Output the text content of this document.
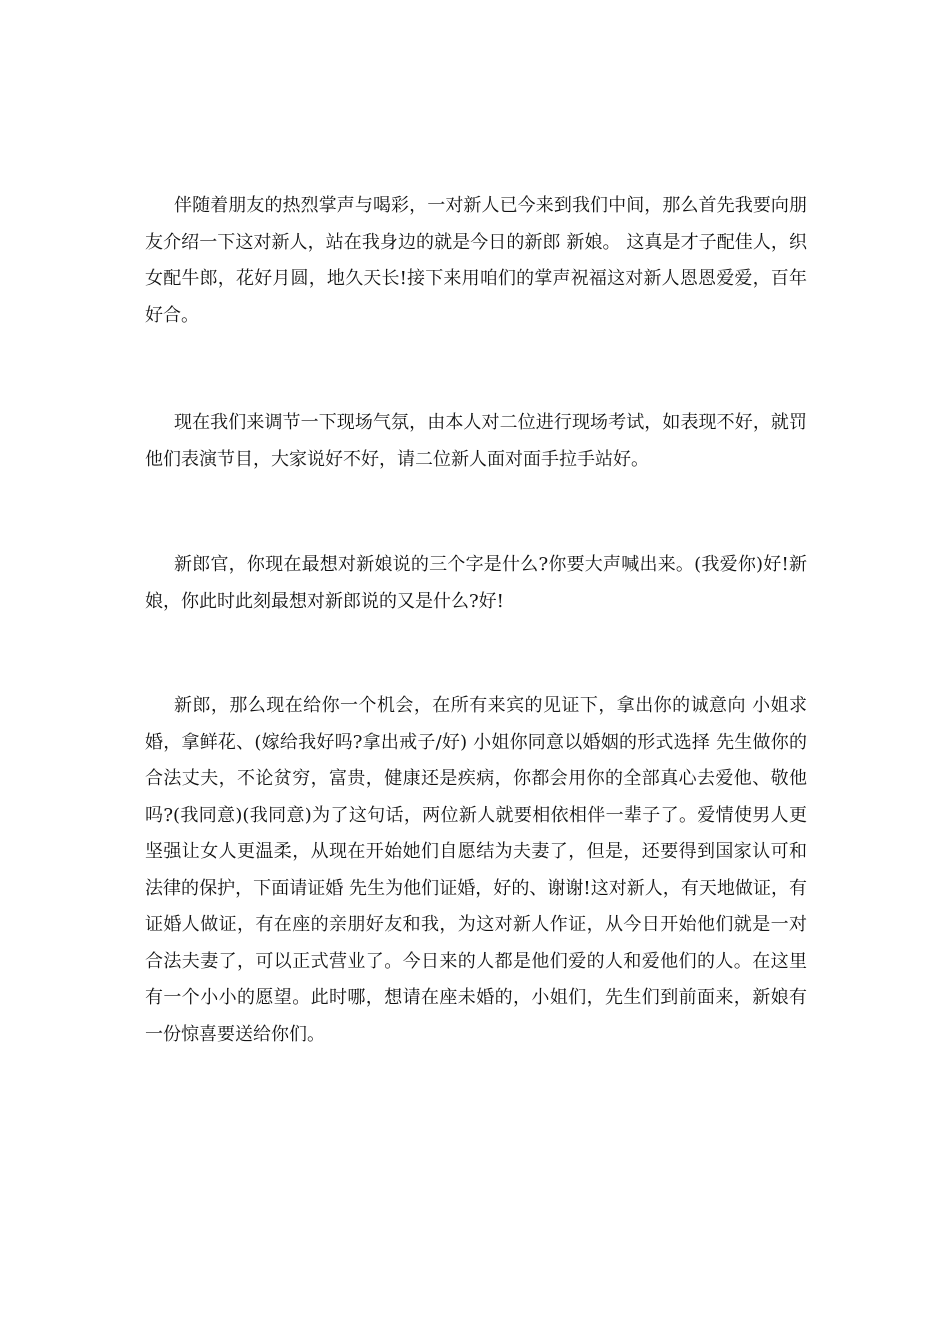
伴随着朋友的热烈掌声与喝彩，一对新人已今来到我们中间，那么首先我要向朋友介绍一下这对新人，站在我身边的就是今日的新郎 新娘。 这真是才子配佳人，织女配牛郎，花好月圆，地久天长!接下来用咱们的掌声祝福这对新人恩恩爱爱，百年好合。

现在我们来调节一下现场气氛，由本人对二位进行现场考试，如表现不好，就罚他们表演节目，大家说好不好，请二位新人面对面手拉手站好。

新郎官，你现在最想对新娘说的三个字是什么?你要大声喊出来。(我爱你)好!新娘，你此时此刻最想对新郎说的又是什么?好!

新郎，那么现在给你一个机会，在所有来宾的见证下，拿出你的诚意向 小姐求婚，拿鲜花、(嫁给我好吗?拿出戒子/好) 小姐你同意以婚姻的形式选择 先生做你的合法丈夫，不论贫穷，富贵，健康还是疾病，你都会用你的全部真心去爱他、敬他吗?(我同意)(我同意)为了这句话，两位新人就要相依相伴一辈子了。爱情使男人更坚强让女人更温柔，从现在开始她们自愿结为夫妻了，但是，还要得到国家认可和法律的保护，下面请证婚 先生为他们证婚，好的、谢谢!这对新人，有天地做证，有证婚人做证，有在座的亲朋好友和我，为这对新人作证，从今日开始他们就是一对合法夫妻了，可以正式营业了。今日来的人都是他们爱的人和爱他们的人。在这里有一个小小的愿望。此时哪，想请在座未婚的，小姐们，先生们到前面来，新娘有一份惊喜要送给你们。
